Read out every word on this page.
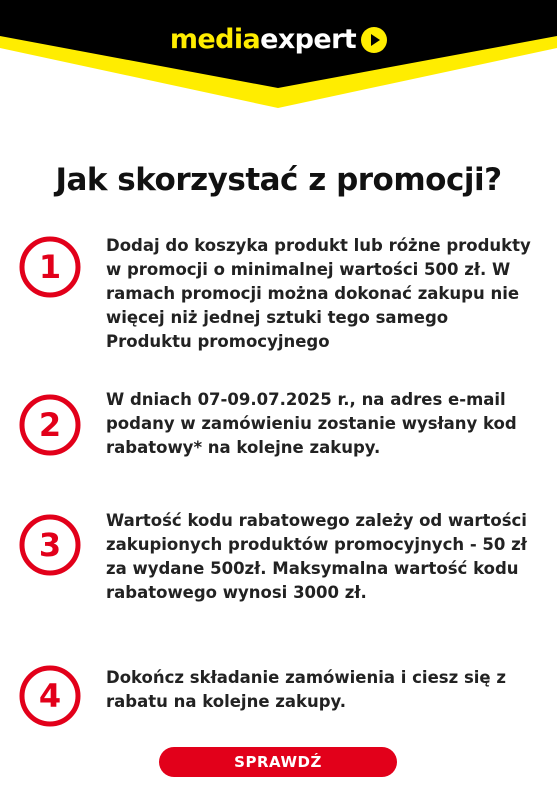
media expert
Jak skorzystać z promocji?
1
Dodaj do koszyka produkt lub różne produkty w promocji o minimalnej wartości 500 zł. W ramach promocji można dokonać zakupu nie więcej niż jednej sztuki tego samego Produktu promocyjnego
2
W dniach 07-09.07.2025 r., na adres e-mail podany w zamówieniu zostanie wysłany kod rabatowy* na kolejne zakupy.
3
Wartość kodu rabatowego zależy od wartości zakupionych produktów promocyjnych - 50 zł za wydane 500zł. Maksymalna wartość kodu rabatowego wynosi 3000 zł.
4	Dokończ składanie zamówienia i ciesz się z rabatu na kolejne zakupy.
SPRAWDŹ
